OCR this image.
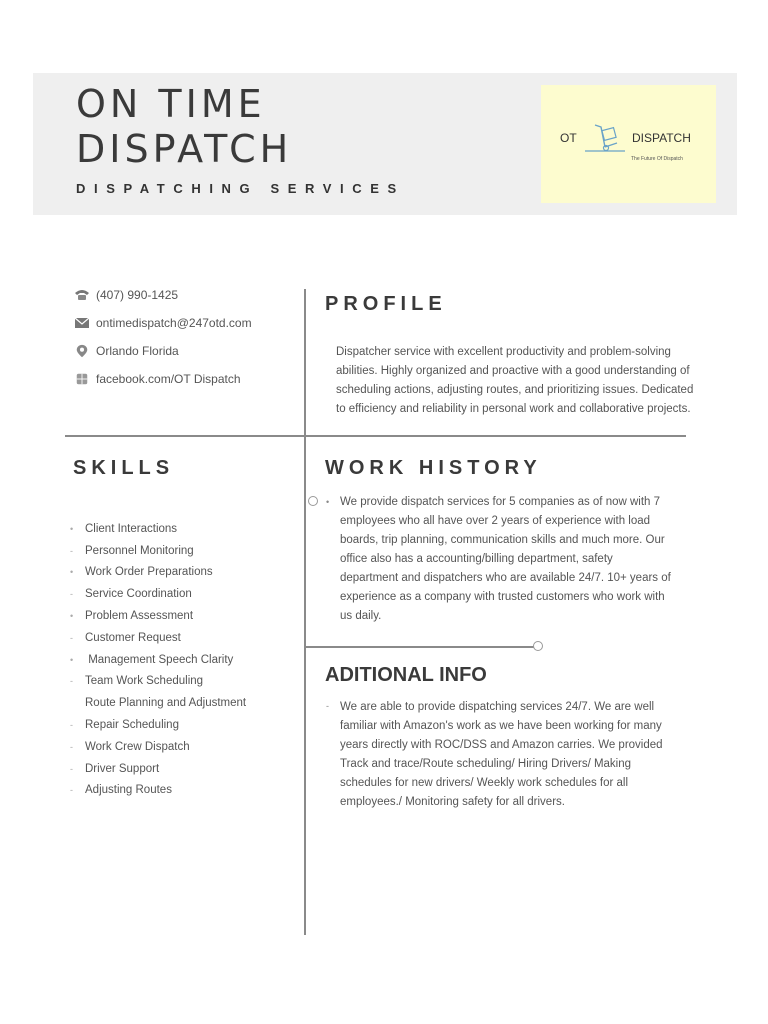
ON TIME
DISPATCH
DISPATCHING SERVICES
OT	DISPATCH
The Future Of Dispatch
(407) 990-1425
ontimedispatch@247otd.com
Orlando Florida
facebook.com/OT Dispatch
PROFILE

Dispatcher service with excellent productivity and problem-solving abilities. Highly organized and proactive with a good understanding of scheduling actions, adjusting routes, and prioritizing issues. Dedicated to efficiency and reliability in personal work and collaborative projects.

SKILLS
•	Client Interactions
-	Personnel Monitoring
•	Work Order Preparations
-	Service Coordination
•	Problem Assessment
-	Customer Request
•	Management Speech Clarity
-	Team Work Scheduling
Route Planning and Adjustment
-	Repair Scheduling
-	Work Crew Dispatch
-	Driver Support
-	Adjusting Routes
WORK HISTORY
• We provide dispatch services for 5 companies as of now with 7 employees who all have over 2 years of experience with load boards, trip planning, communication skills and much more. Our office also has a accounting/billing department, safety department and dispatchers who are available 24/7. 10+ years of experience as a company with trusted customers who work with us daily.

ADITIONAL INFO
- We are able to provide dispatching services 24/7. We are well familiar with Amazon's work as we have been working for many years directly with ROC/DSS and Amazon carries. We provided Track and trace/Route scheduling/ Hiring Drivers/ Making schedules for new drivers/ Weekly work schedules for all employees./ Monitoring safety for all drivers.
